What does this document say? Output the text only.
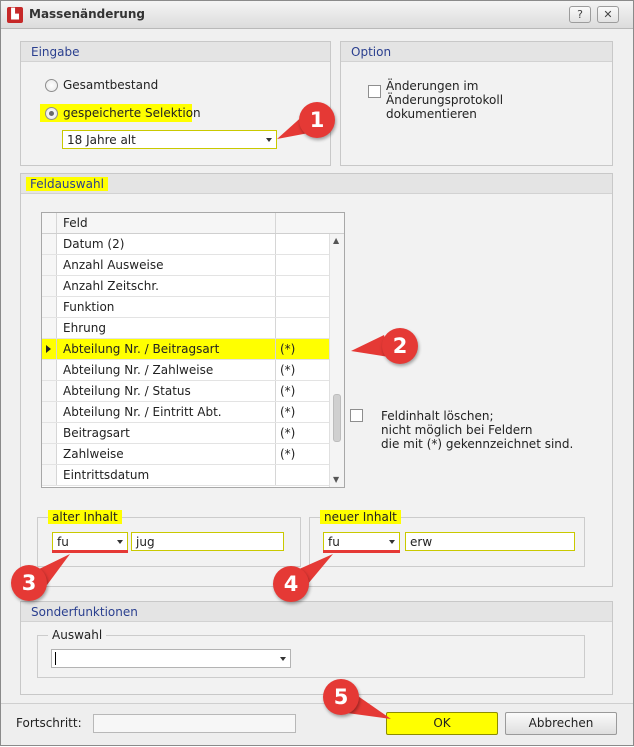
▙ Massenänderung	?	✕
Eingabe
Gesamtbestand
gespeicherte Selektion
18 Jahre alt
Option
Änderungen im Änderungsprotokoll dokumentieren
Feldauswahl
Feld
Datum (2)
Anzahl Ausweise
Anzahl Zeitschr.
Funktion
Ehrung
Abteilung Nr. / Beitragsart	(*)
Abteilung Nr. / Zahlweise	(*)
Abteilung Nr. / Status	(*)
Abteilung Nr. / Eintritt Abt.	(*)
Beitragsart	(*)
Zahlweise	(*)
Eintrittsdatum
▲
▼
Feldinhalt löschen;
nicht möglich bei Feldern
die mit (*) gekennzeichnet sind.
alter Inhalt
fu	jug
neuer Inhalt
fu	erw
Sonderfunktionen
Auswahl
Fortschritt:	OK	Abbrechen
1
2
3	4
5
